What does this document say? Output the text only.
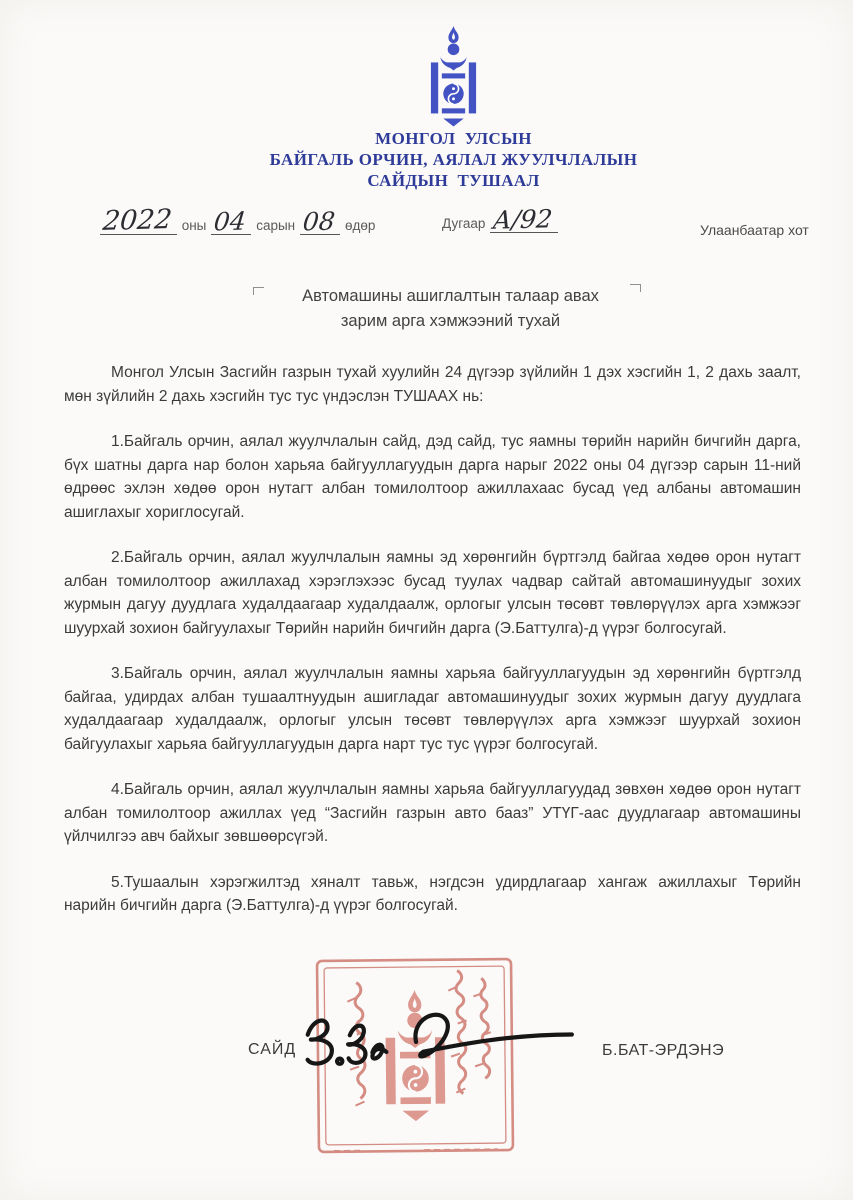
МОНГОЛ  УЛСЫН
БАЙГАЛЬ ОРЧИН, АЯЛАЛ ЖУУЛЧЛАЛЫН
САЙДЫН  ТУШААЛ
2022 оны 04 сарын 08 өдөр	Дугаар А/92	Улаанбаатар хот
Автомашины ашиглалтын талаар авах
зарим арга хэмжээний тухай

Монгол Улсын Засгийн газрын тухай хуулийн 24 дүгээр зүйлийн 1 дэх хэсгийн 1, 2 дахь заалт, мөн зүйлийн 2 дахь хэсгийн тус тус үндэслэн ТУШААХ нь:

1.Байгаль орчин, аялал жуулчлалын сайд, дэд сайд, тус яамны төрийн нарийн бичгийн дарга, бүх шатны дарга нар болон харьяа байгууллагуудын дарга нарыг 2022 оны 04 дүгээр сарын 11-ний өдрөөс эхлэн хөдөө орон нутагт албан томилолтоор ажиллахаас бусад үед албаны автомашин ашиглахыг хориглосугай.

2.Байгаль орчин, аялал жуулчлалын яамны эд хөрөнгийн бүртгэлд байгаа хөдөө орон нутагт албан томилолтоор ажиллахад хэрэглэхээс бусад туулах чадвар сайтай автомашинуудыг зохих журмын дагуу дуудлага худалдаагаар худалдаалж, орлогыг улсын төсөвт төвлөрүүлэх арга хэмжээг шуурхай зохион байгуулахыг Төрийн нарийн бичгийн дарга (Э.Баттулга)-д үүрэг болгосугай.

3.Байгаль орчин, аялал жуулчлалын яамны харьяа байгууллагуудын эд хөрөнгийн бүртгэлд байгаа, удирдах албан тушаалтнуудын ашигладаг автомашинуудыг зохих журмын дагуу дуудлага худалдаагаар худалдаалж, орлогыг улсын төсөвт төвлөрүүлэх арга хэмжээг шуурхай зохион байгуулахыг харьяа байгууллагуудын дарга нарт тус тус үүрэг болгосугай.

4.Байгаль орчин, аялал жуулчлалын яамны харьяа байгууллагуудад зөвхөн хөдөө орон нутагт албан томилолтоор ажиллах үед “Засгийн газрын авто бааз” УТҮГ-аас дуудлагаар автомашины үйлчилгээ авч байхыг зөвшөөрсүгэй.

5.Тушаалын хэрэгжилтэд хяналт тавьж, нэгдсэн удирдлагаар хангаж ажиллахыг Төрийн нарийн бичгийн дарга (Э.Баттулга)-д үүрэг болгосугай.

САЙД	Б.БАТ-ЭРДЭНЭ
